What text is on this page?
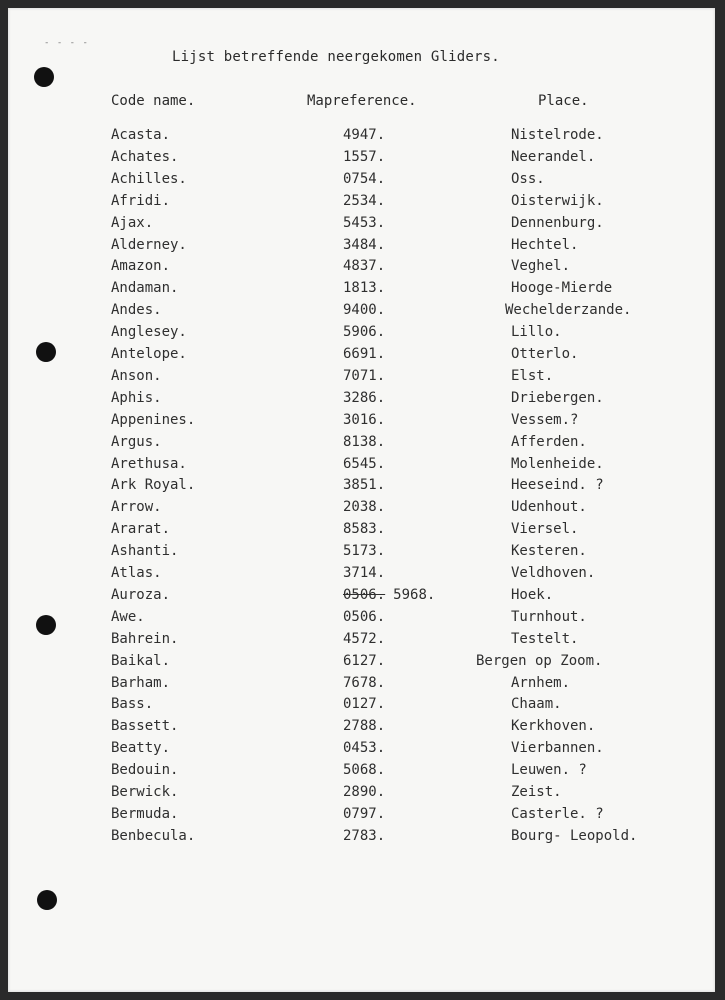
- - - -
Lijst betreffende neergekomen Gliders.
Code name.	Mapreference.	Place.
Acasta.	4947.	Nistelrode.
Achates.	1557.	Neerandel.
Achilles.	0754.	Oss.
Afridi.	2534.	Oisterwijk.
Ajax.	5453.	Dennenburg.
Alderney.	3484.	Hechtel.
Amazon.	4837.	Veghel.
Andaman.	1813.	Hooge-Mierde
Andes.	9400.	Wechelderzande.
Anglesey.	5906.	Lillo.
Antelope.	6691.	Otterlo.
Anson.	7071.	Elst.
Aphis.	3286.	Driebergen.
Appenines.	3016.	Vessem.?
Argus.	8138.	Afferden.
Arethusa.	6545.	Molenheide.
Ark Royal.	3851.	Heeseind. ?
Arrow.	2038.	Udenhout.
Ararat.	8583.	Viersel.
Ashanti.	5173.	Kesteren.
Atlas.	3714.	Veldhoven.
Auroza.	0506. 5968.	Hoek.
Awe.	0506.	Turnhout.
Bahrein.	4572.	Testelt.
Baikal.	6127.	Bergen op Zoom.
Barham.	7678.	Arnhem.
Bass.	0127.	Chaam.
Bassett.	2788.	Kerkhoven.
Beatty.	0453.	Vierbannen.
Bedouin.	5068.	Leuwen. ?
Berwick.	2890.	Zeist.
Bermuda.	0797.	Casterle. ?
Benbecula.	2783.	Bourg- Leopold.
